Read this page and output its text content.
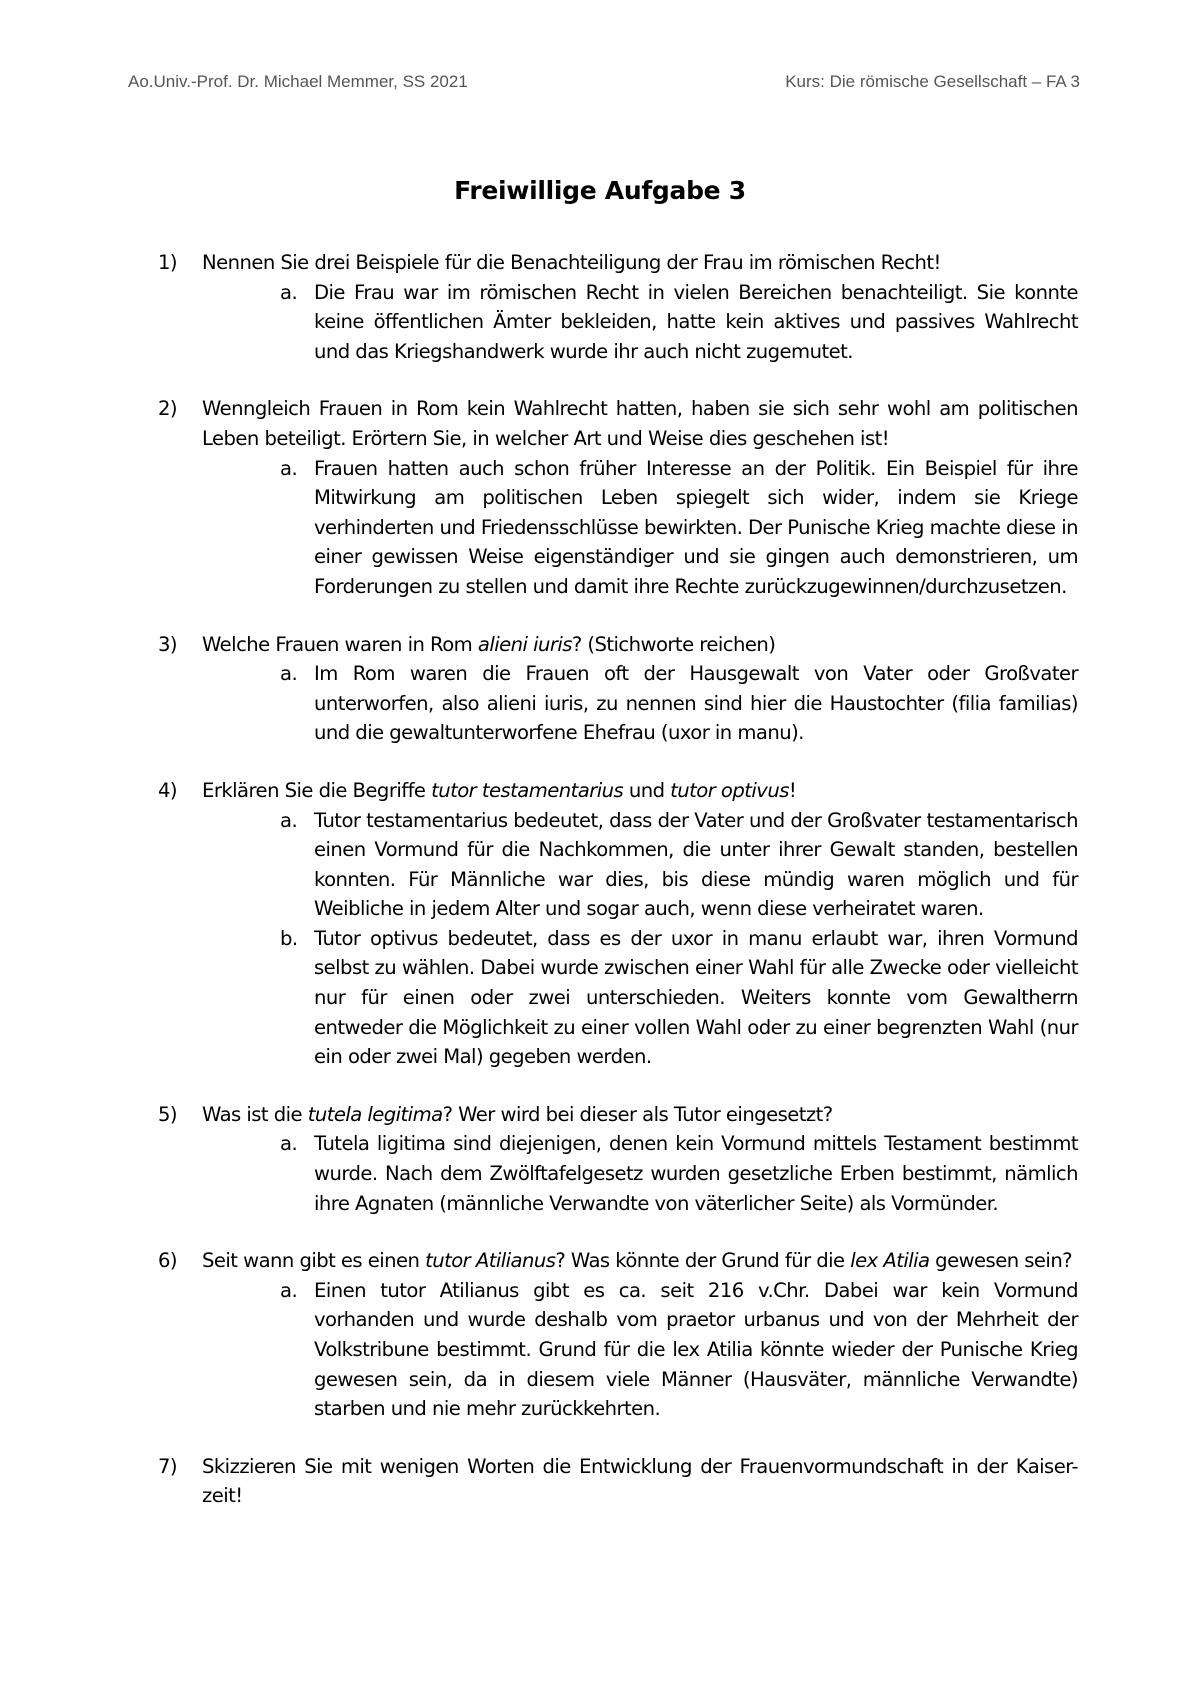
Ao.Univ.-Prof. Dr. Michael Memmer, SS 2021	Kurs: Die römische Gesellschaft – FA 3
Freiwillige Aufgabe 3
1) Nennen Sie drei Beispiele für die Benachteiligung der Frau im römischen Recht!
a. Die Frau war im römischen Recht in vielen Bereichen benachteiligt. Sie konnte keine öffentlichen Ämter bekleiden, hatte kein aktives und passives Wahlrecht und das Kriegshandwerk wurde ihr auch nicht zugemutet.
2) Wenngleich Frauen in Rom kein Wahlrecht hatten, haben sie sich sehr wohl am politischen Leben beteiligt. Erörtern Sie, in welcher Art und Weise dies geschehen ist!
a. Frauen hatten auch schon früher Interesse an der Politik. Ein Beispiel für ihre Mitwirkung am politischen Leben spiegelt sich wider, indem sie Kriege verhinderten und Friedensschlüsse bewirkten. Der Punische Krieg machte diese in einer gewissen Weise eigenständiger und sie gingen auch demonstrieren, um Forderungen zu stellen und damit ihre Rechte zurückzugewinnen/durchzusetzen.
3) Welche Frauen waren in Rom alieni iuris? (Stichworte reichen)
a. Im Rom waren die Frauen oft der Hausgewalt von Vater oder Großvater unterworfen, also alieni iuris, zu nennen sind hier die Haustochter (filia familias) und die gewaltunterworfene Ehefrau (uxor in manu).
4) Erklären Sie die Begriffe tutor testamentarius und tutor optivus!
a. Tutor testamentarius bedeutet, dass der Vater und der Großvater testamentarisch einen Vormund für die Nachkommen, die unter ihrer Gewalt standen, bestellen konnten. Für Männliche war dies, bis diese mündig waren möglich und für Weibliche in jedem Alter und sogar auch, wenn diese verheiratet waren.
b. Tutor optivus bedeutet, dass es der uxor in manu erlaubt war, ihren Vormund selbst zu wählen. Dabei wurde zwischen einer Wahl für alle Zwecke oder vielleicht nur für einen oder zwei unterschieden. Weiters konnte vom Gewaltherrn entweder die Möglichkeit zu einer vollen Wahl oder zu einer begrenzten Wahl (nur ein oder zwei Mal) gegeben werden.
5) Was ist die tutela legitima? Wer wird bei dieser als Tutor eingesetzt?
a. Tutela ligitima sind diejenigen, denen kein Vormund mittels Testament bestimmt wurde. Nach dem Zwölftafelgesetz wurden gesetzliche Erben bestimmt, nämlich ihre Agnaten (männliche Verwandte von väterlicher Seite) als Vormünder.
6) Seit wann gibt es einen tutor Atilianus? Was könnte der Grund für die lex Atilia gewesen sein?
a. Einen tutor Atilianus gibt es ca. seit 216 v.Chr. Dabei war kein Vormund vorhanden und wurde deshalb vom praetor urbanus und von der Mehrheit der Volkstribune bestimmt. Grund für die lex Atilia könnte wieder der Punische Krieg gewesen sein, da in diesem viele Männer (Hausväter, männliche Verwandte) starben und nie mehr zurückkehrten.
7) Skizzieren Sie mit wenigen Worten die Entwicklung der Frauenvormundschaft in der Kaiser-zeit!
